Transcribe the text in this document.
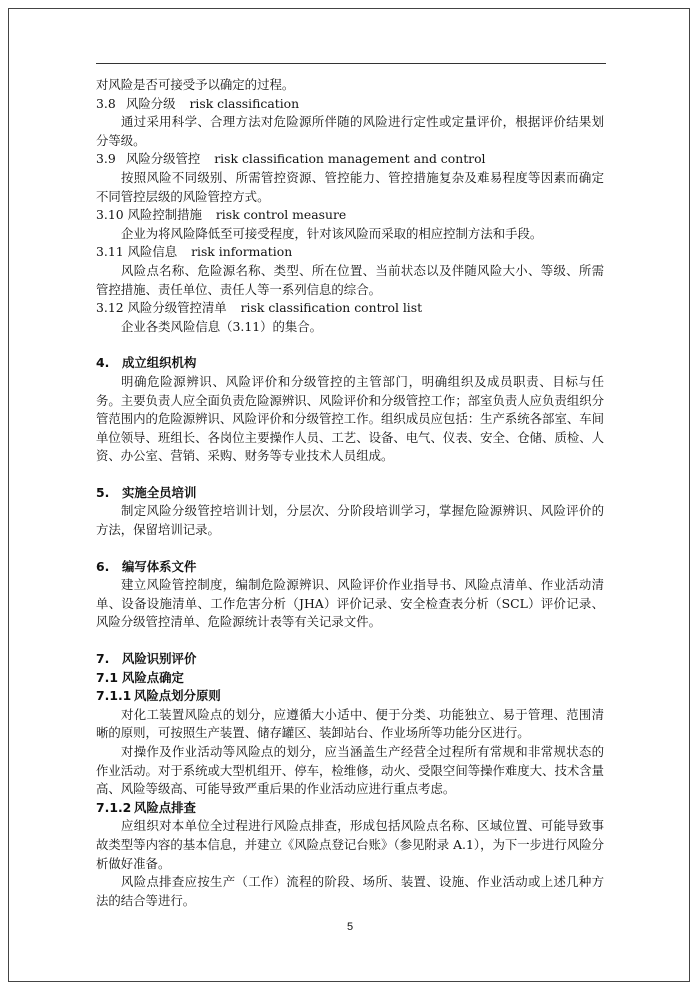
对风险是否可接受予以确定的过程。

3.8 风险分级 risk classification

通过采用科学、合理方法对危险源所伴随的风险进行定性或定量评价，根据评价结果划分等级。

3.9 风险分级管控 risk classification management and control

按照风险不同级别、所需管控资源、管控能力、管控措施复杂及难易程度等因素而确定不同管控层级的风险管控方式。

3.10 风险控制措施 risk control measure

企业为将风险降低至可接受程度，针对该风险而采取的相应控制方法和手段。

3.11 风险信息 risk information

风险点名称、危险源名称、类型、所在位置、当前状态以及伴随风险大小、等级、所需管控措施、责任单位、责任人等一系列信息的综合。

3.12 风险分级管控清单 risk classification control list

企业各类风险信息（3.11）的集合。

4. 成立组织机构

明确危险源辨识、风险评价和分级管控的主管部门，明确组织及成员职责、目标与任务。主要负责人应全面负责危险源辨识、风险评价和分级管控工作；部室负责人应负责组织分管范围内的危险源辨识、风险评价和分级管控工作。组织成员应包括：生产系统各部室、车间单位领导、班组长、各岗位主要操作人员、工艺、设备、电气、仪表、安全、仓储、质检、人资、办公室、营销、采购、财务等专业技术人员组成。

5. 实施全员培训

制定风险分级管控培训计划，分层次、分阶段培训学习，掌握危险源辨识、风险评价的方法，保留培训记录。

6. 编写体系文件

建立风险管控制度，编制危险源辨识、风险评价作业指导书、风险点清单、作业活动清单、设备设施清单、工作危害分析（JHA）评价记录、安全检查表分析（SCL）评价记录、风险分级管控清单、危险源统计表等有关记录文件。

7. 风险识别评价

7.1 风险点确定

7.1.1 风险点划分原则

对化工装置风险点的划分，应遵循大小适中、便于分类、功能独立、易于管理、范围清晰的原则，可按照生产装置、储存罐区、装卸站台、作业场所等功能分区进行。

对操作及作业活动等风险点的划分，应当涵盖生产经营全过程所有常规和非常规状态的作业活动。对于系统或大型机组开、停车，检维修，动火、受限空间等操作难度大、技术含量高、风险等级高、可能导致严重后果的作业活动应进行重点考虑。

7.1.2 风险点排查

应组织对本单位全过程进行风险点排查，形成包括风险点名称、区域位置、可能导致事故类型等内容的基本信息，并建立《风险点登记台账》（参见附录 A.1），为下一步进行风险分析做好准备。

风险点排查应按生产（工作）流程的阶段、场所、装置、设施、作业活动或上述几种方法的结合等进行。

5
